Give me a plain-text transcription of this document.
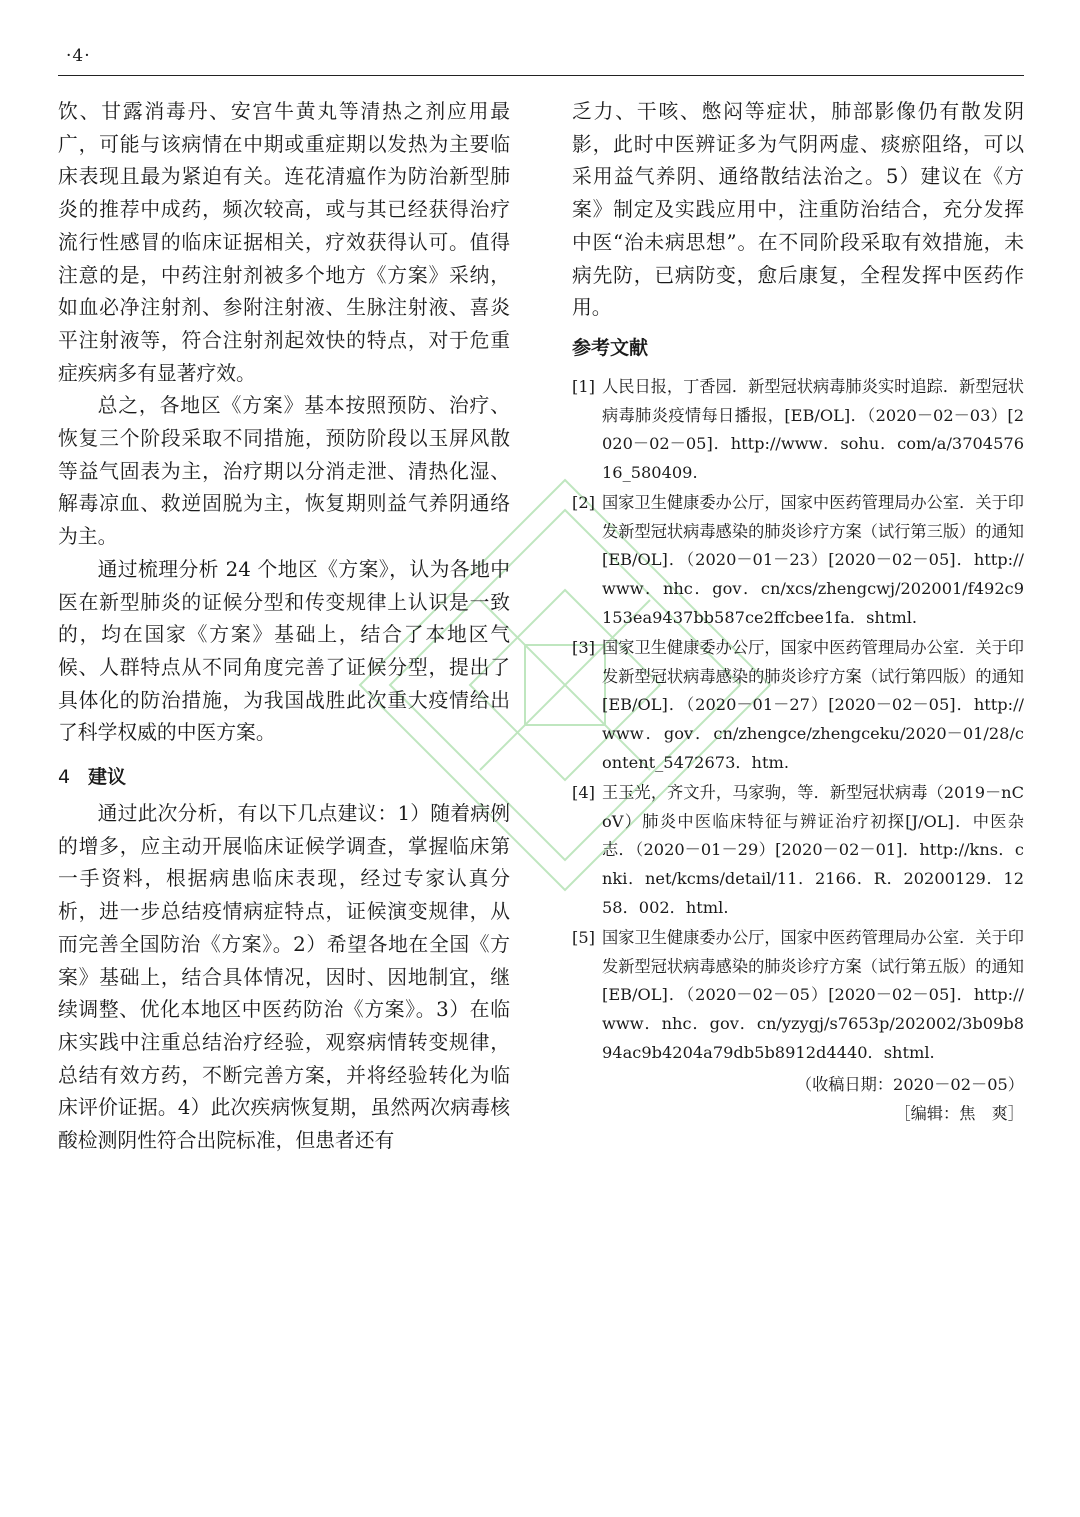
·4·

饮、甘露消毒丹、安宫牛黄丸等清热之剂应用最广，可能与该病情在中期或重症期以发热为主要临床表现且最为紧迫有关。连花清瘟作为防治新型肺炎的推荐中成药，频次较高，或与其已经获得治疗流行性感冒的临床证据相关，疗效获得认可。值得注意的是，中药注射剂被多个地方《方案》采纳，如血必净注射剂、参附注射液、生脉注射液、喜炎平注射液等，符合注射剂起效快的特点，对于危重症疾病多有显著疗效。

总之，各地区《方案》基本按照预防、治疗、恢复三个阶段采取不同措施，预防阶段以玉屏风散等益气固表为主，治疗期以分消走泄、清热化湿、解毒凉血、救逆固脱为主，恢复期则益气养阴通络为主。

通过梳理分析 24 个地区《方案》，认为各地中医在新型肺炎的证候分型和传变规律上认识是一致的，均在国家《方案》基础上，结合了本地区气候、人群特点从不同角度完善了证候分型，提出了具体化的防治措施，为我国战胜此次重大疫情给出了科学权威的中医方案。

4 建议

通过此次分析，有以下几点建议：1）随着病例的增多，应主动开展临床证候学调查，掌握临床第一手资料，根据病患临床表现，经过专家认真分析，进一步总结疫情病症特点，证候演变规律，从而完善全国防治《方案》。2）希望各地在全国《方案》基础上，结合具体情况，因时、因地制宜，继续调整、优化本地区中医药防治《方案》。3）在临床实践中注重总结治疗经验，观察病情转变规律，总结有效方药，不断完善方案，并将经验转化为临床评价证据。4）此次疾病恢复期，虽然两次病毒核酸检测阴性符合出院标准，但患者还有

乏力、干咳、憋闷等症状，肺部影像仍有散发阴影，此时中医辨证多为气阴两虚、痰瘀阻络，可以采用益气养阴、通络散结法治之。5）建议在《方案》制定及实践应用中，注重防治结合，充分发挥中医“治未病思想”。在不同阶段采取有效措施，未病先防，已病防变，愈后康复，全程发挥中医药作用。

参考文献
[1] 人民日报，丁香园．新型冠状病毒肺炎实时追踪．新型冠状病毒肺炎疫情每日播报，[EB/OL]．（2020－02－03）[2020－02－05]．http://www．sohu．com/a/370457616_580409.
[2] 国家卫生健康委办公厅，国家中医药管理局办公室．关于印发新型冠状病毒感染的肺炎诊疗方案（试行第三版）的通知[EB/OL]．（2020－01－23）[2020－02－05]．http://www．nhc．gov．cn/xcs/zhengcwj/202001/f492c9153ea9437bb587ce2ffcbee1fa．shtml.
[3] 国家卫生健康委办公厅，国家中医药管理局办公室．关于印发新型冠状病毒感染的肺炎诊疗方案（试行第四版）的通知[EB/OL]．（2020－01－27）[2020－02－05]．http://www．gov．cn/zhengce/zhengceku/2020－01/28/content_5472673．htm.
[4] 王玉光，齐文升，马家驹，等．新型冠状病毒（2019－nCoV）肺炎中医临床特征与辨证治疗初探[J/OL]．中医杂志．（2020－01－29）[2020－02－01]．http://kns．cnki．net/kcms/detail/11．2166．R．20200129．1258．002．html.
[5] 国家卫生健康委办公厅，国家中医药管理局办公室．关于印发新型冠状病毒感染的肺炎诊疗方案（试行第五版）的通知[EB/OL]．（2020－02－05）[2020－02－05]．http://www．nhc．gov．cn/yzygj/s7653p/202002/3b09b894ac9b4204a79db5b8912d4440．shtml.
（收稿日期：2020－02－05）
［编辑：焦　爽］
